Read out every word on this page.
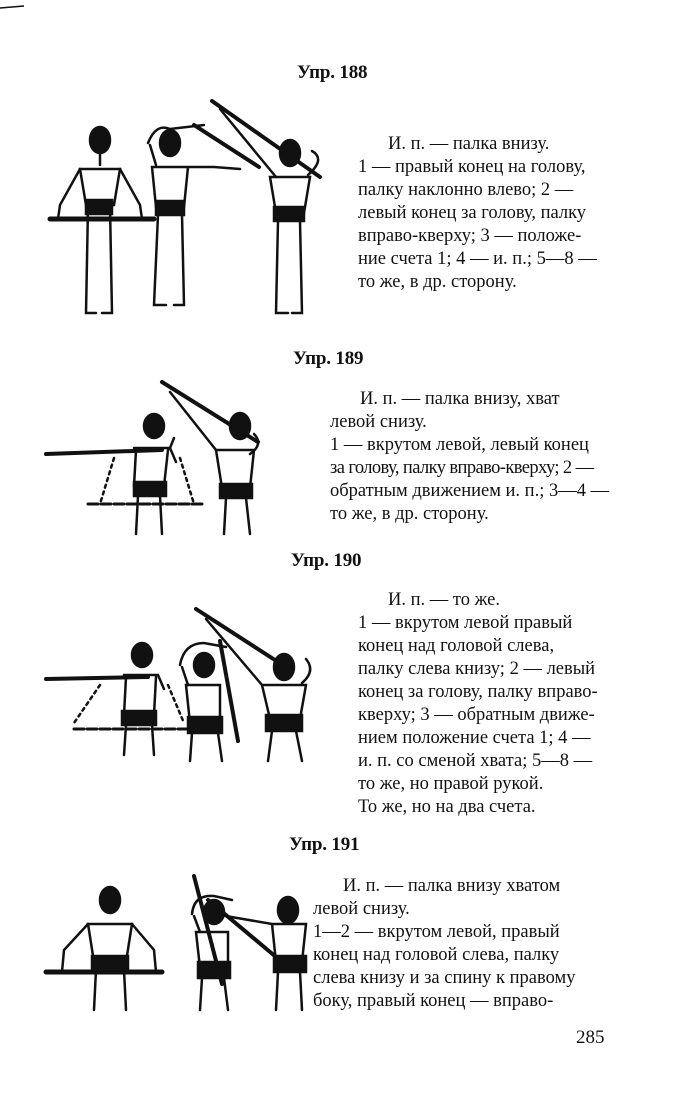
Упр. 188
И. п. — палка внизу.
1 — правый конец на голову,
палку наклонно влево; 2 —
левый конец за голову, палку
вправо-кверху; 3 — положе-
ние счета 1; 4 — и. п.; 5—8 —
то же, в др. сторону.
Упр. 189
И. п. — палка внизу, хват
левой снизу.
1 — вкрутом левой, левый конец
за голову, палку вправо-кверху; 2 —
обратным движением и. п.; 3—4 —
то же, в др. сторону.
Упр. 190
И. п. — то же.
1 — вкрутом левой правый
конец над головой слева,
палку слева книзу; 2 — левый
конец за голову, палку вправо-
кверху; 3 — обратным движе-
нием положение счета 1; 4 —
и. п. со сменой хвата; 5—8 —
то же, но правой рукой.
То же, но на два счета.
Упр. 191
И. п. — палка внизу хватом
левой снизу.
1—2 — вкрутом левой, правый
конец над головой слева, палку
слева книзу и за спину к правому
боку, правый конец — вправо-
285
